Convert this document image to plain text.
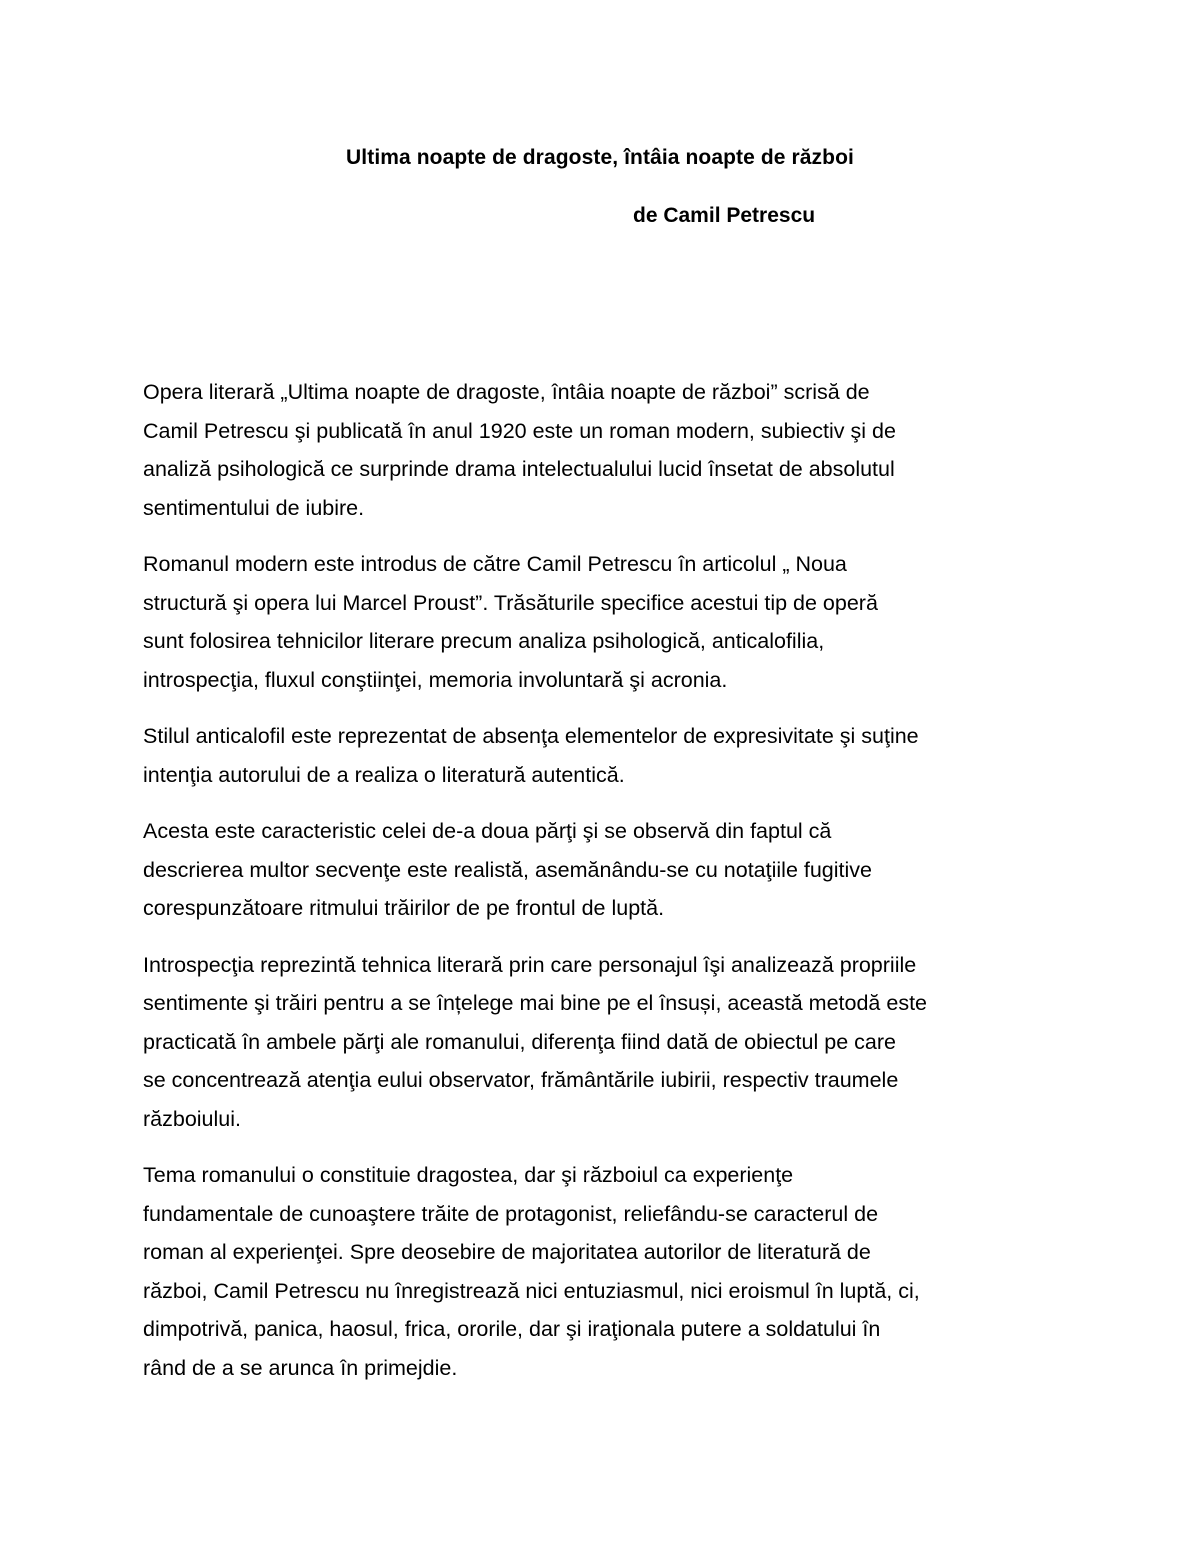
Ultima noapte de dragoste, întâia noapte de război
de Camil Petrescu

Opera literară „Ultima noapte de dragoste, întâia noapte de război” scrisă de
Camil Petrescu şi publicată în anul 1920 este un roman modern, subiectiv şi de
analiză psihologică ce surprinde drama intelectualului lucid însetat de absolutul
sentimentului de iubire.

Romanul modern este introdus de către Camil Petrescu în articolul „ Noua
structură şi opera lui Marcel Proust”. Trăsăturile specifice acestui tip de operă
sunt folosirea tehnicilor literare precum analiza psihologică, anticalofilia,
introspecţia, fluxul conştiinţei, memoria involuntară şi acronia.

Stilul anticalofil este reprezentat de absenţa elementelor de expresivitate şi suţine
intenţia autorului de a realiza o literatură autentică.

Acesta este caracteristic celei de-a doua părţi şi se observă din faptul că
descrierea multor secvenţe este realistă, asemănându-se cu notaţiile fugitive
corespunzătoare ritmului trăirilor de pe frontul de luptă.

Introspecţia reprezintă tehnica literară prin care personajul îşi analizează propriile
sentimente şi trăiri pentru a se înțelege mai bine pe el însuși, această metodă este
practicată în ambele părţi ale romanului, diferenţa fiind dată de obiectul pe care
se concentrează atenţia eului observator, frământările iubirii, respectiv traumele
războiului.

Tema romanului o constituie dragostea, dar şi războiul ca experienţe
fundamentale de cunoaştere trăite de protagonist, reliefându-se caracterul de
roman al experienţei. Spre deosebire de majoritatea autorilor de literatură de
război, Camil Petrescu nu înregistrează nici entuziasmul, nici eroismul în luptă, ci,
dimpotrivă, panica, haosul, frica, ororile, dar şi iraţionala putere a soldatului în
rând de a se arunca în primejdie.
